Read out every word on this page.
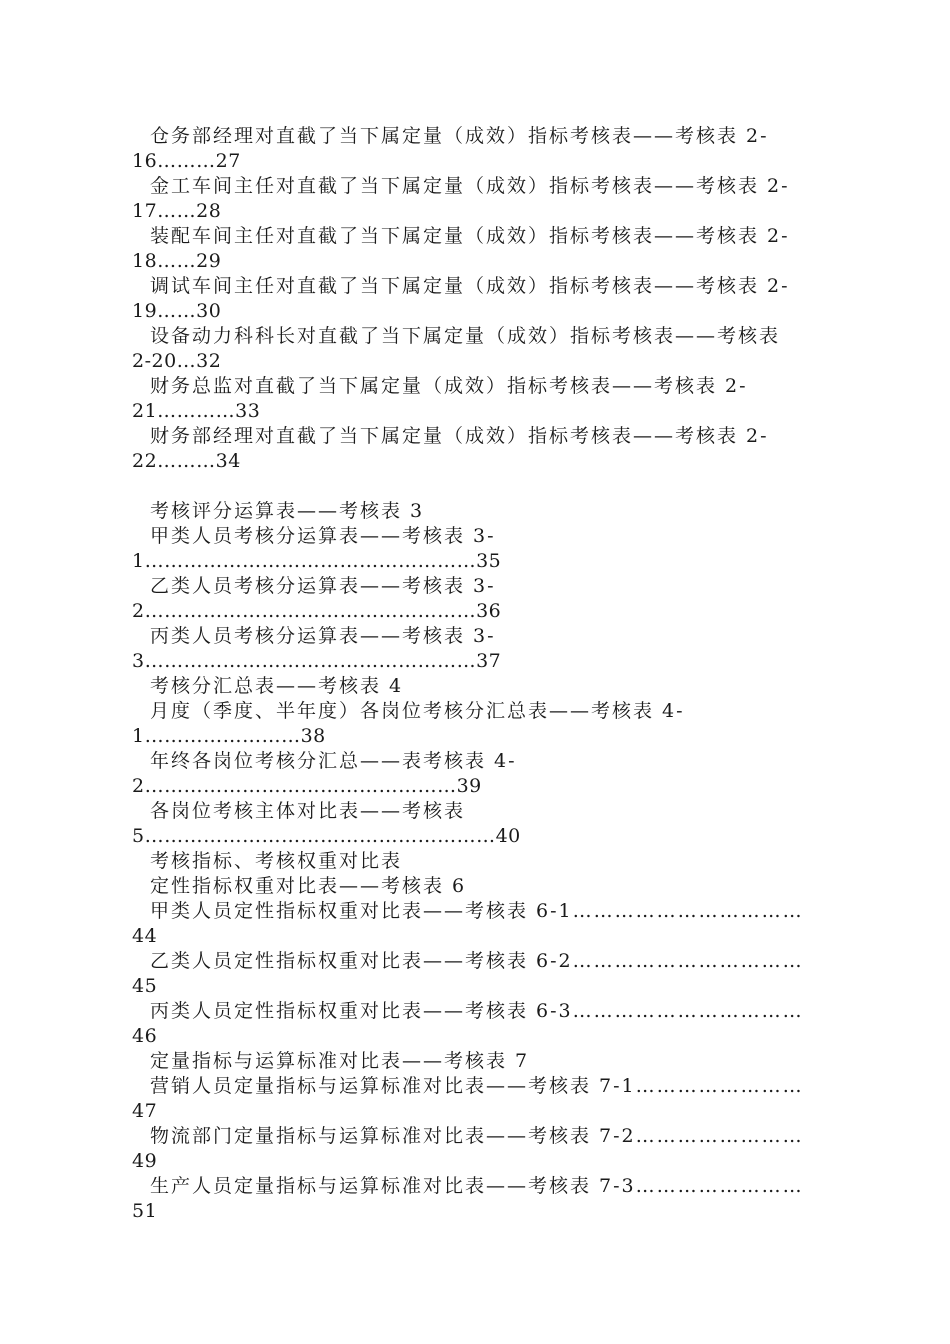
仓务部经理对直截了当下属定量（成效）指标考核表——考核表 2-
16………27
金工车间主任对直截了当下属定量（成效）指标考核表——考核表 2-
17……28
装配车间主任对直截了当下属定量（成效）指标考核表——考核表 2-
18……29
调试车间主任对直截了当下属定量（成效）指标考核表——考核表 2-
19……30
设备动力科科长对直截了当下属定量（成效）指标考核表——考核表
2-20…32
财务总监对直截了当下属定量（成效）指标考核表——考核表 2-
21…………33
财务部经理对直截了当下属定量（成效）指标考核表——考核表 2-
22………34
考核评分运算表——考核表 3
甲类人员考核分运算表——考核表 3-
1……………………………………………35
乙类人员考核分运算表——考核表 3-
2……………………………………………36
丙类人员考核分运算表——考核表 3-
3……………………………………………37
考核分汇总表——考核表 4
月度（季度、半年度）各岗位考核分汇总表——考核表 4-
1……………………38
年终各岗位考核分汇总——表考核表 4-
2…………………………………………39
各岗位考核主体对比表——考核表
5………………………………………………40
考核指标、考核权重对比表
定性指标权重对比表——考核表 6
甲类人员定性指标权重对比表——考核表 6-1……………………………
44
乙类人员定性指标权重对比表——考核表 6-2……………………………
45
丙类人员定性指标权重对比表——考核表 6-3……………………………
46
定量指标与运算标准对比表——考核表 7
营销人员定量指标与运算标准对比表——考核表 7-1……………………
47
物流部门定量指标与运算标准对比表——考核表 7-2……………………
49
生产人员定量指标与运算标准对比表——考核表 7-3……………………
51
